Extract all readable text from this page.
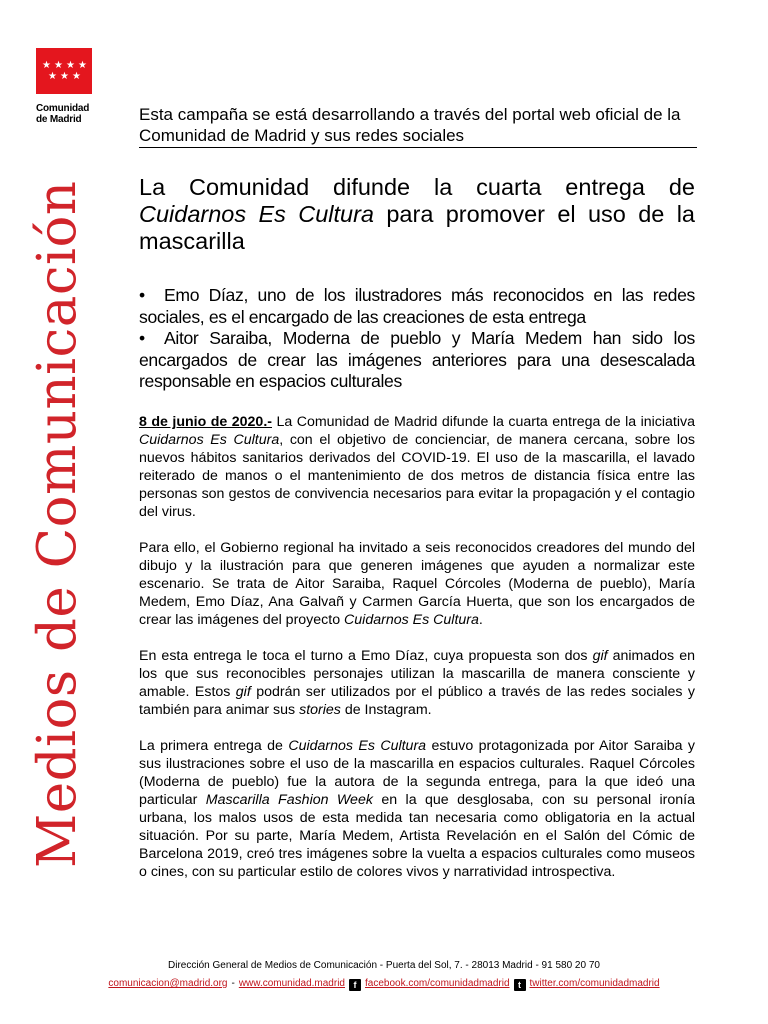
★ ★ ★ ★
★ ★ ★
Comunidad
de Madrid
Medios de Comunicación
Esta campaña se está desarrollando a través del portal web oficial de la Comunidad de Madrid y sus redes sociales
La Comunidad difunde la cuarta entrega de Cuidarnos Es Cultura para promover el uso de la mascarilla
• Emo Díaz, uno de los ilustradores más reconocidos en las redes sociales, es el encargado de las creaciones de esta entrega
• Aitor Saraiba, Moderna de pueblo y María Medem han sido los encargados de crear las imágenes anteriores para una desescalada responsable en espacios culturales

8 de junio de 2020.- La Comunidad de Madrid difunde la cuarta entrega de la iniciativa Cuidarnos Es Cultura, con el objetivo de concienciar, de manera cercana, sobre los nuevos hábitos sanitarios derivados del COVID-19. El uso de la mascarilla, el lavado reiterado de manos o el mantenimiento de dos metros de distancia física entre las personas son gestos de convivencia necesarios para evitar la propagación y el contagio del virus.

Para ello, el Gobierno regional ha invitado a seis reconocidos creadores del mundo del dibujo y la ilustración para que generen imágenes que ayuden a normalizar este escenario. Se trata de Aitor Saraiba, Raquel Córcoles (Moderna de pueblo), María Medem, Emo Díaz, Ana Galvañ y Carmen García Huerta, que son los encargados de crear las imágenes del proyecto Cuidarnos Es Cultura.

En esta entrega le toca el turno a Emo Díaz, cuya propuesta son dos gif animados en los que sus reconocibles personajes utilizan la mascarilla de manera consciente y amable. Estos gif podrán ser utilizados por el público a través de las redes sociales y también para animar sus stories de Instagram.

La primera entrega de Cuidarnos Es Cultura estuvo protagonizada por Aitor Saraiba y sus ilustraciones sobre el uso de la mascarilla en espacios culturales. Raquel Córcoles (Moderna de pueblo) fue la autora de la segunda entrega, para la que ideó una particular Mascarilla Fashion Week en la que desglosaba, con su personal ironía urbana, los malos usos de esta medida tan necesaria como obligatoria en la actual situación. Por su parte, María Medem, Artista Revelación en el Salón del Cómic de Barcelona 2019, creó tres imágenes sobre la vuelta a espacios culturales como museos o cines, con su particular estilo de colores vivos y narratividad introspectiva.

Dirección General de Medios de Comunicación - Puerta del Sol, 7. - 28013 Madrid - 91 580 20 70
comunicacion@madrid.org - www.comunidad.madrid f facebook.com/comunidadmadrid t twitter.com/comunidadmadrid
